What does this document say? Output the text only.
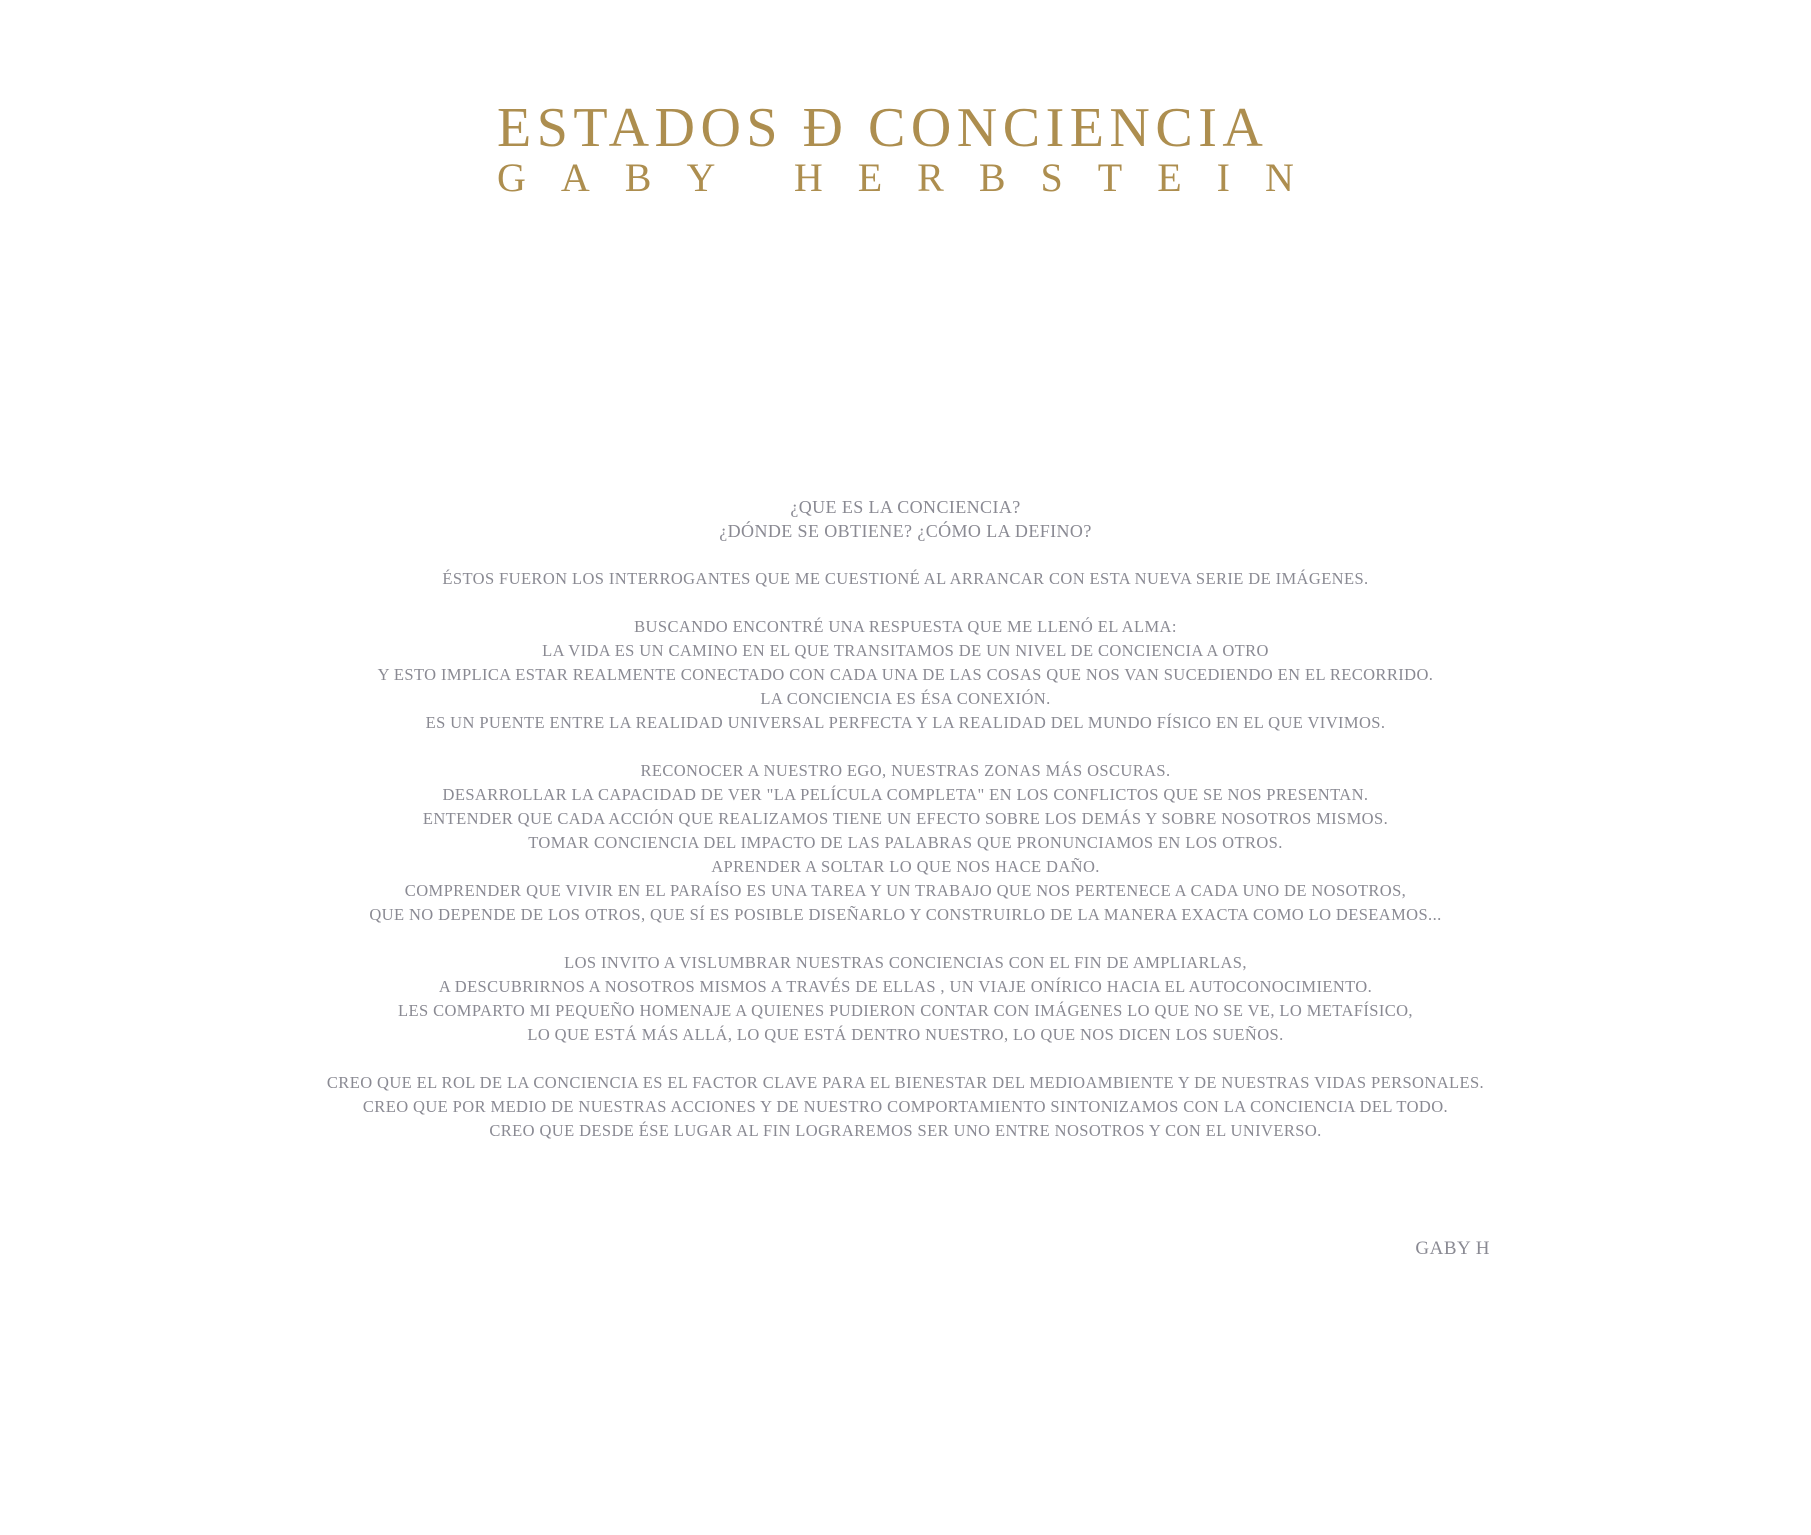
ESTADOS Đ CONCIENCIA
GABY HERBSTEIN

¿QUE ES LA CONCIENCIA?
¿DÓNDE SE OBTIENE? ¿CÓMO LA DEFINO?

ÉSTOS FUERON LOS INTERROGANTES QUE ME CUESTIONÉ AL ARRANCAR CON ESTA NUEVA SERIE DE IMÁGENES.

BUSCANDO ENCONTRÉ UNA RESPUESTA QUE ME LLENÓ EL ALMA:
LA VIDA ES UN CAMINO EN EL QUE TRANSITAMOS DE UN NIVEL DE CONCIENCIA A OTRO
Y ESTO IMPLICA ESTAR REALMENTE CONECTADO CON CADA UNA DE LAS COSAS QUE NOS VAN SUCEDIENDO EN EL RECORRIDO.
LA CONCIENCIA ES ÉSA CONEXIÓN.
ES UN PUENTE ENTRE LA REALIDAD UNIVERSAL PERFECTA Y LA REALIDAD DEL MUNDO FÍSICO EN EL QUE VIVIMOS.

RECONOCER A NUESTRO EGO, NUESTRAS ZONAS MÁS OSCURAS.
DESARROLLAR LA CAPACIDAD DE VER "LA PELÍCULA COMPLETA" EN LOS CONFLICTOS QUE SE NOS PRESENTAN.
ENTENDER QUE CADA ACCIÓN QUE REALIZAMOS TIENE UN EFECTO SOBRE LOS DEMÁS Y SOBRE NOSOTROS MISMOS.
TOMAR CONCIENCIA DEL IMPACTO DE LAS PALABRAS QUE PRONUNCIAMOS EN LOS OTROS.
APRENDER A SOLTAR LO QUE NOS HACE DAÑO.
COMPRENDER QUE VIVIR EN EL PARAÍSO ES UNA TAREA Y UN TRABAJO QUE NOS PERTENECE A CADA UNO DE NOSOTROS,
QUE NO DEPENDE DE LOS OTROS, QUE SÍ ES POSIBLE DISEÑARLO Y CONSTRUIRLO DE LA MANERA EXACTA COMO LO DESEAMOS...

LOS INVITO A VISLUMBRAR NUESTRAS CONCIENCIAS CON EL FIN DE AMPLIARLAS,
A DESCUBRIRNOS A NOSOTROS MISMOS A TRAVÉS DE ELLAS , UN VIAJE ONÍRICO HACIA EL AUTOCONOCIMIENTO.
LES COMPARTO MI PEQUEÑO HOMENAJE A QUIENES PUDIERON CONTAR CON IMÁGENES LO QUE NO SE VE, LO METAFÍSICO,
LO QUE ESTÁ MÁS ALLÁ, LO QUE ESTÁ DENTRO NUESTRO, LO QUE NOS DICEN LOS SUEÑOS.

CREO QUE EL ROL DE LA CONCIENCIA ES EL FACTOR CLAVE PARA EL BIENESTAR DEL MEDIOAMBIENTE Y DE NUESTRAS VIDAS PERSONALES.
CREO QUE POR MEDIO DE NUESTRAS ACCIONES Y DE NUESTRO COMPORTAMIENTO SINTONIZAMOS CON LA CONCIENCIA DEL TODO.
CREO QUE DESDE ÉSE LUGAR AL FIN LOGRAREMOS SER UNO ENTRE NOSOTROS Y CON EL UNIVERSO.

GABY H
